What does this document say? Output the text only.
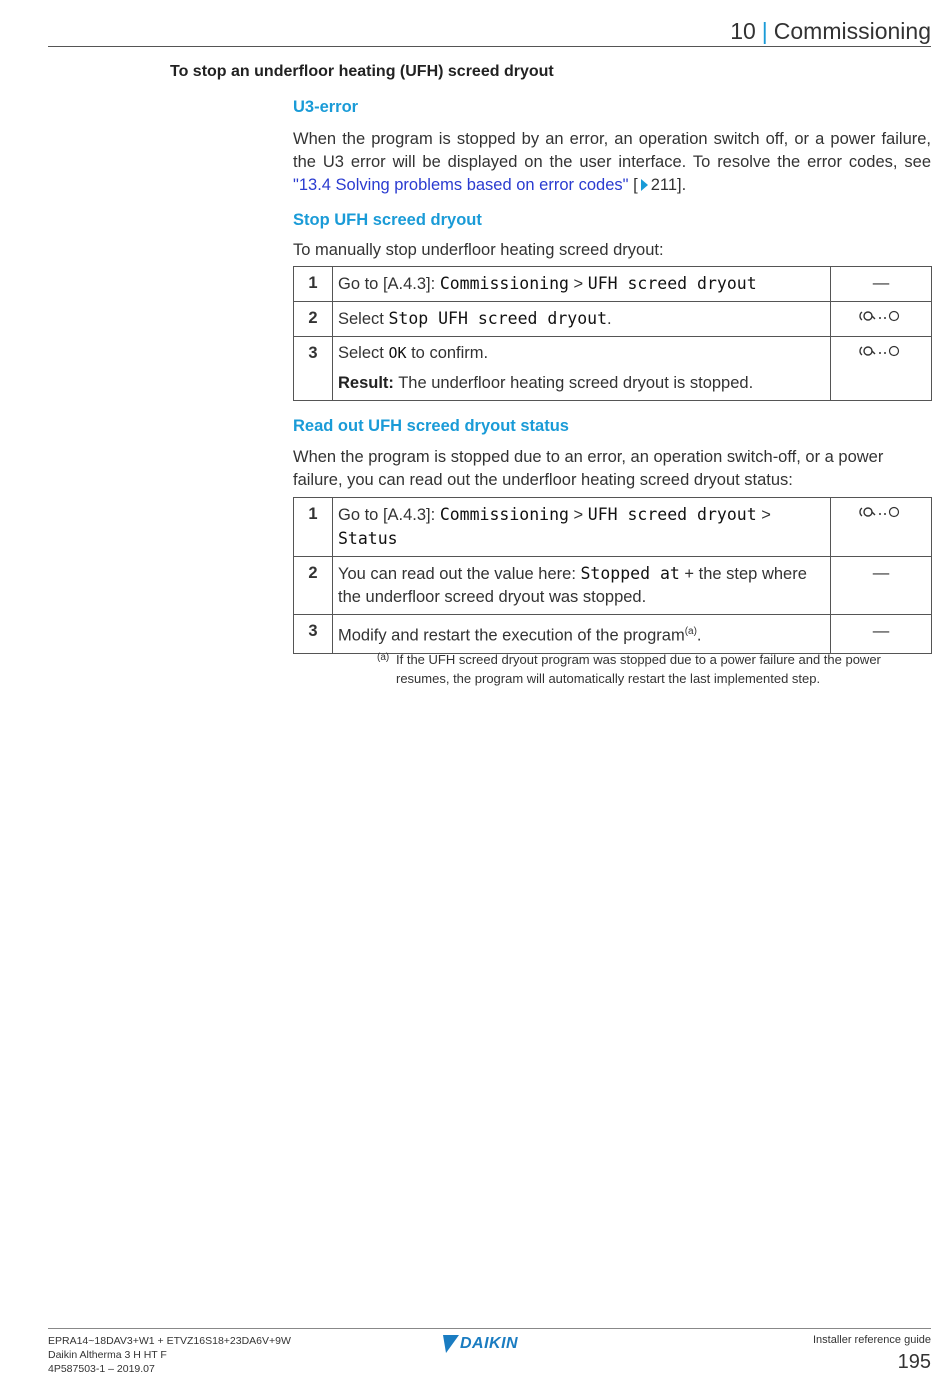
10 | Commissioning
To stop an underfloor heating (UFH) screed dryout
U3-error

When the program is stopped by an error, an operation switch off, or a power failure, the U3 error will be displayed on the user interface. To resolve the error codes, see "13.4 Solving problems based on error codes" [ 211].

Stop UFH screed dryout

To manually stop underfloor heating screed dryout:

1	Go to [A.4.3]: Commissioning > UFH screed dryout	—
2	Select Stop UFH screed dryout.	
3	Select OK to confirm.
Result: The underfloor heating screed dryout is stopped.

Read out UFH screed dryout status

When the program is stopped due to an error, an operation switch-off, or a power failure, you can read out the underfloor heating screed dryout status:

1	Go to [A.4.3]: Commissioning > UFH screed dryout >
Status	
2	You can read out the value here: Stopped at + the step where the underfloor screed dryout was stopped.	—
3	Modify and restart the execution of the program$^{(a)}$.	—
(a) If the UFH screed dryout program was stopped due to a power failure and the power resumes, the program will automatically restart the last implemented step.
EPRA14~18DAV3+W1 + ETVZ16S18+23DA6V+9W
Daikin Altherma 3 H HT F
4P587503-1 – 2019.07
DAIKIN	Installer reference guide
195
